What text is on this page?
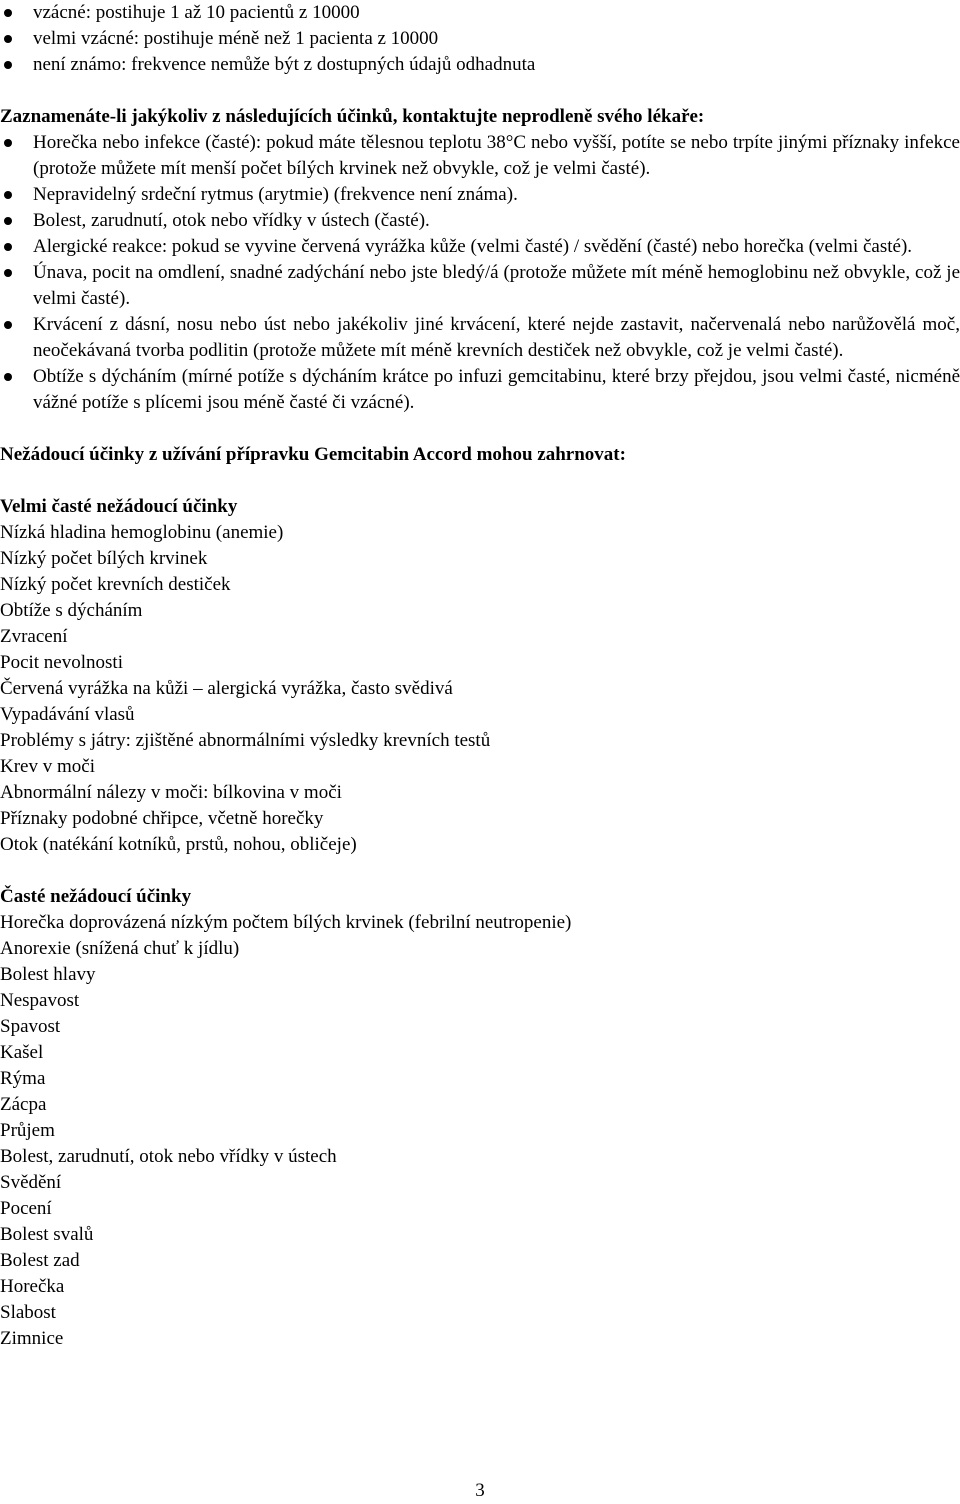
vzácné: postihuje 1 až 10 pacientů z 10000
velmi vzácné: postihuje méně než 1 pacienta z 10000
není známo: frekvence nemůže být z dostupných údajů odhadnuta
Zaznamenáte-li jakýkoliv z následujících účinků, kontaktujte neprodleně svého lékaře:
Horečka nebo infekce (časté): pokud máte tělesnou teplotu 38°C nebo vyšší, potíte se nebo trpíte jinými příznaky infekce (protože můžete mít menší počet bílých krvinek než obvykle, což je velmi časté).
Nepravidelný srdeční rytmus (arytmie) (frekvence není známa).
Bolest, zarudnutí, otok nebo vřídky v ústech (časté).
Alergické reakce: pokud se vyvine červená vyrážka kůže (velmi časté) / svědění (časté) nebo horečka (velmi časté).
Únava, pocit na omdlení, snadné zadýchání nebo jste bledý/á (protože můžete mít méně hemoglobinu než obvykle, což je velmi časté).
Krvácení z dásní, nosu nebo úst nebo jakékoliv jiné krvácení, které nejde zastavit, načervenalá nebo narůžovělá moč, neočekávaná tvorba podlitin (protože můžete mít méně krevních destiček než obvykle, což je velmi časté).
Obtíže s dýcháním (mírné potíže s dýcháním krátce po infuzi gemcitabinu, které brzy přejdou, jsou velmi časté, nicméně vážné potíže s plícemi jsou méně časté či vzácné).
Nežádoucí účinky z užívání přípravku Gemcitabin Accord mohou zahrnovat:
Velmi časté nežádoucí účinky
Nízká hladina hemoglobinu (anemie)
Nízký počet bílých krvinek
Nízký počet krevních destiček
Obtíže s dýcháním
Zvracení
Pocit nevolnosti
Červená vyrážka na kůži – alergická vyrážka, často svědivá
Vypadávání vlasů
Problémy s játry: zjištěné abnormálními výsledky krevních testů
Krev v moči
Abnormální nálezy v moči: bílkovina v moči
Příznaky podobné chřipce, včetně horečky
Otok (natékání kotníků, prstů, nohou, obličeje)
Časté nežádoucí účinky
Horečka doprovázená nízkým počtem bílých krvinek (febrilní neutropenie)
Anorexie (snížená chuť k jídlu)
Bolest hlavy
Nespavost
Spavost
Kašel
Rýma
Zácpa
Průjem
Bolest, zarudnutí, otok nebo vřídky v ústech
Svědění
Pocení
Bolest svalů
Bolest zad
Horečka
Slabost
Zimnice
3
